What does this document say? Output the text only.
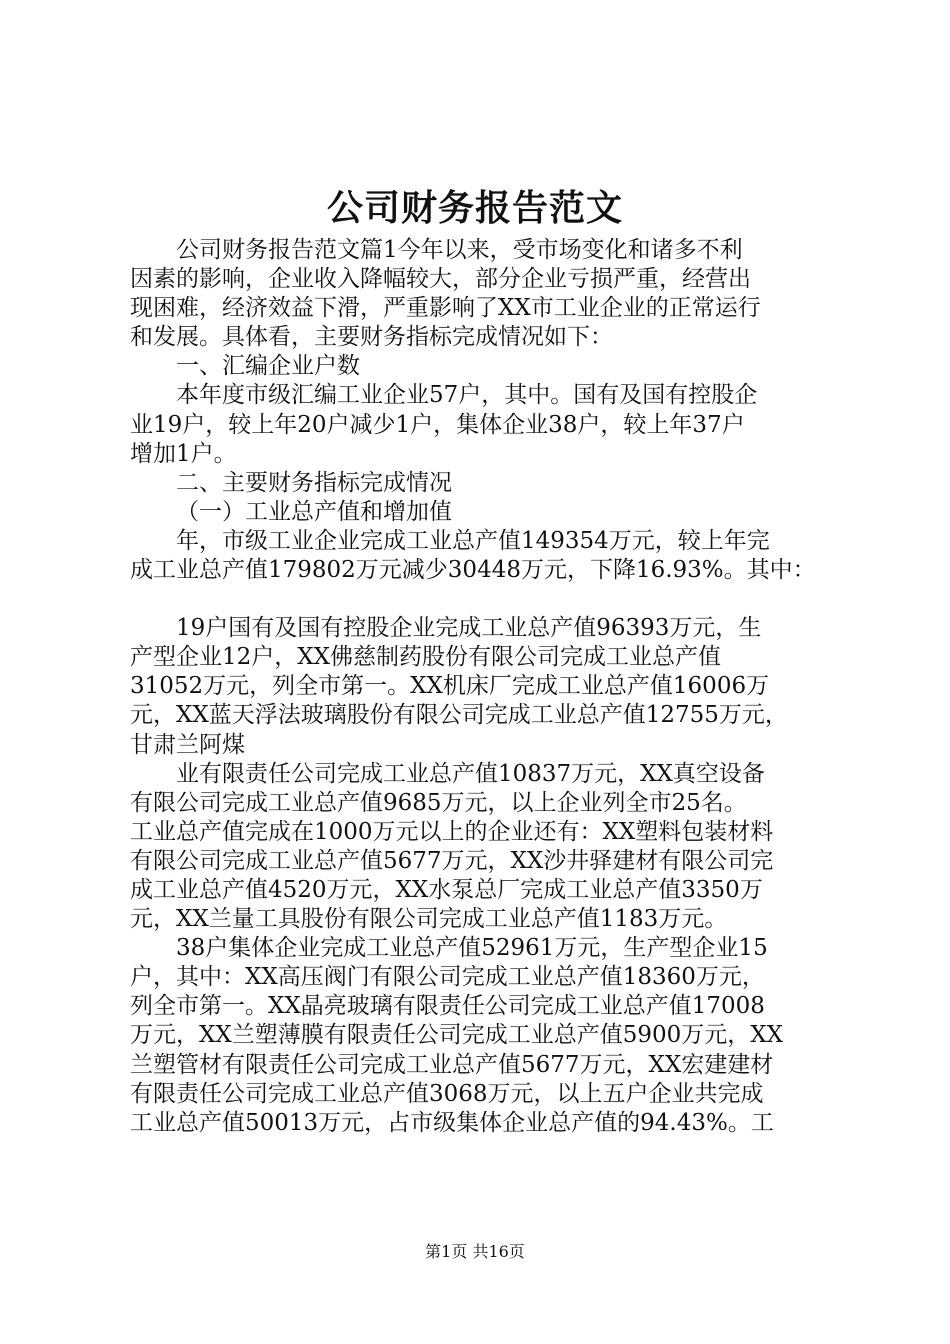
公司财务报告范文
公司财务报告范文篇1今年以来，受市场变化和诸多不利
因素的影响，企业收入降幅较大，部分企业亏损严重，经营出
现困难，经济效益下滑，严重影响了XX市工业企业的正常运行
和发展。具体看，主要财务指标完成情况如下：
一、汇编企业户数
本年度市级汇编工业企业57户，其中。国有及国有控股企
业19户，较上年20户减少1户，集体企业38户，较上年37户
增加1户。
二、主要财务指标完成情况
（一）工业总产值和增加值
年，市级工业企业完成工业总产值149354万元，较上年完
成工业总产值179802万元减少30448万元，下降16.93%。其中：
19户国有及国有控股企业完成工业总产值96393万元，生
产型企业12户，XX佛慈制药股份有限公司完成工业总产值
31052万元，列全市第一。XX机床厂完成工业总产值16006万
元，XX蓝天浮法玻璃股份有限公司完成工业总产值12755万元，
甘肃兰阿煤
业有限责任公司完成工业总产值10837万元，XX真空设备
有限公司完成工业总产值9685万元，以上企业列全市25名。
工业总产值完成在1000万元以上的企业还有：XX塑料包装材料
有限公司完成工业总产值5677万元，XX沙井驿建材有限公司完
成工业总产值4520万元，XX水泵总厂完成工业总产值3350万
元，XX兰量工具股份有限公司完成工业总产值1183万元。
38户集体企业完成工业总产值52961万元，生产型企业15
户，其中：XX高压阀门有限公司完成工业总产值18360万元，
列全市第一。XX晶亮玻璃有限责任公司完成工业总产值17008
万元，XX兰塑薄膜有限责任公司完成工业总产值5900万元，XX
兰塑管材有限责任公司完成工业总产值5677万元，XX宏建建材
有限责任公司完成工业总产值3068万元，以上五户企业共完成
工业总产值50013万元，占市级集体企业总产值的94.43%。工
第1页 共16页
